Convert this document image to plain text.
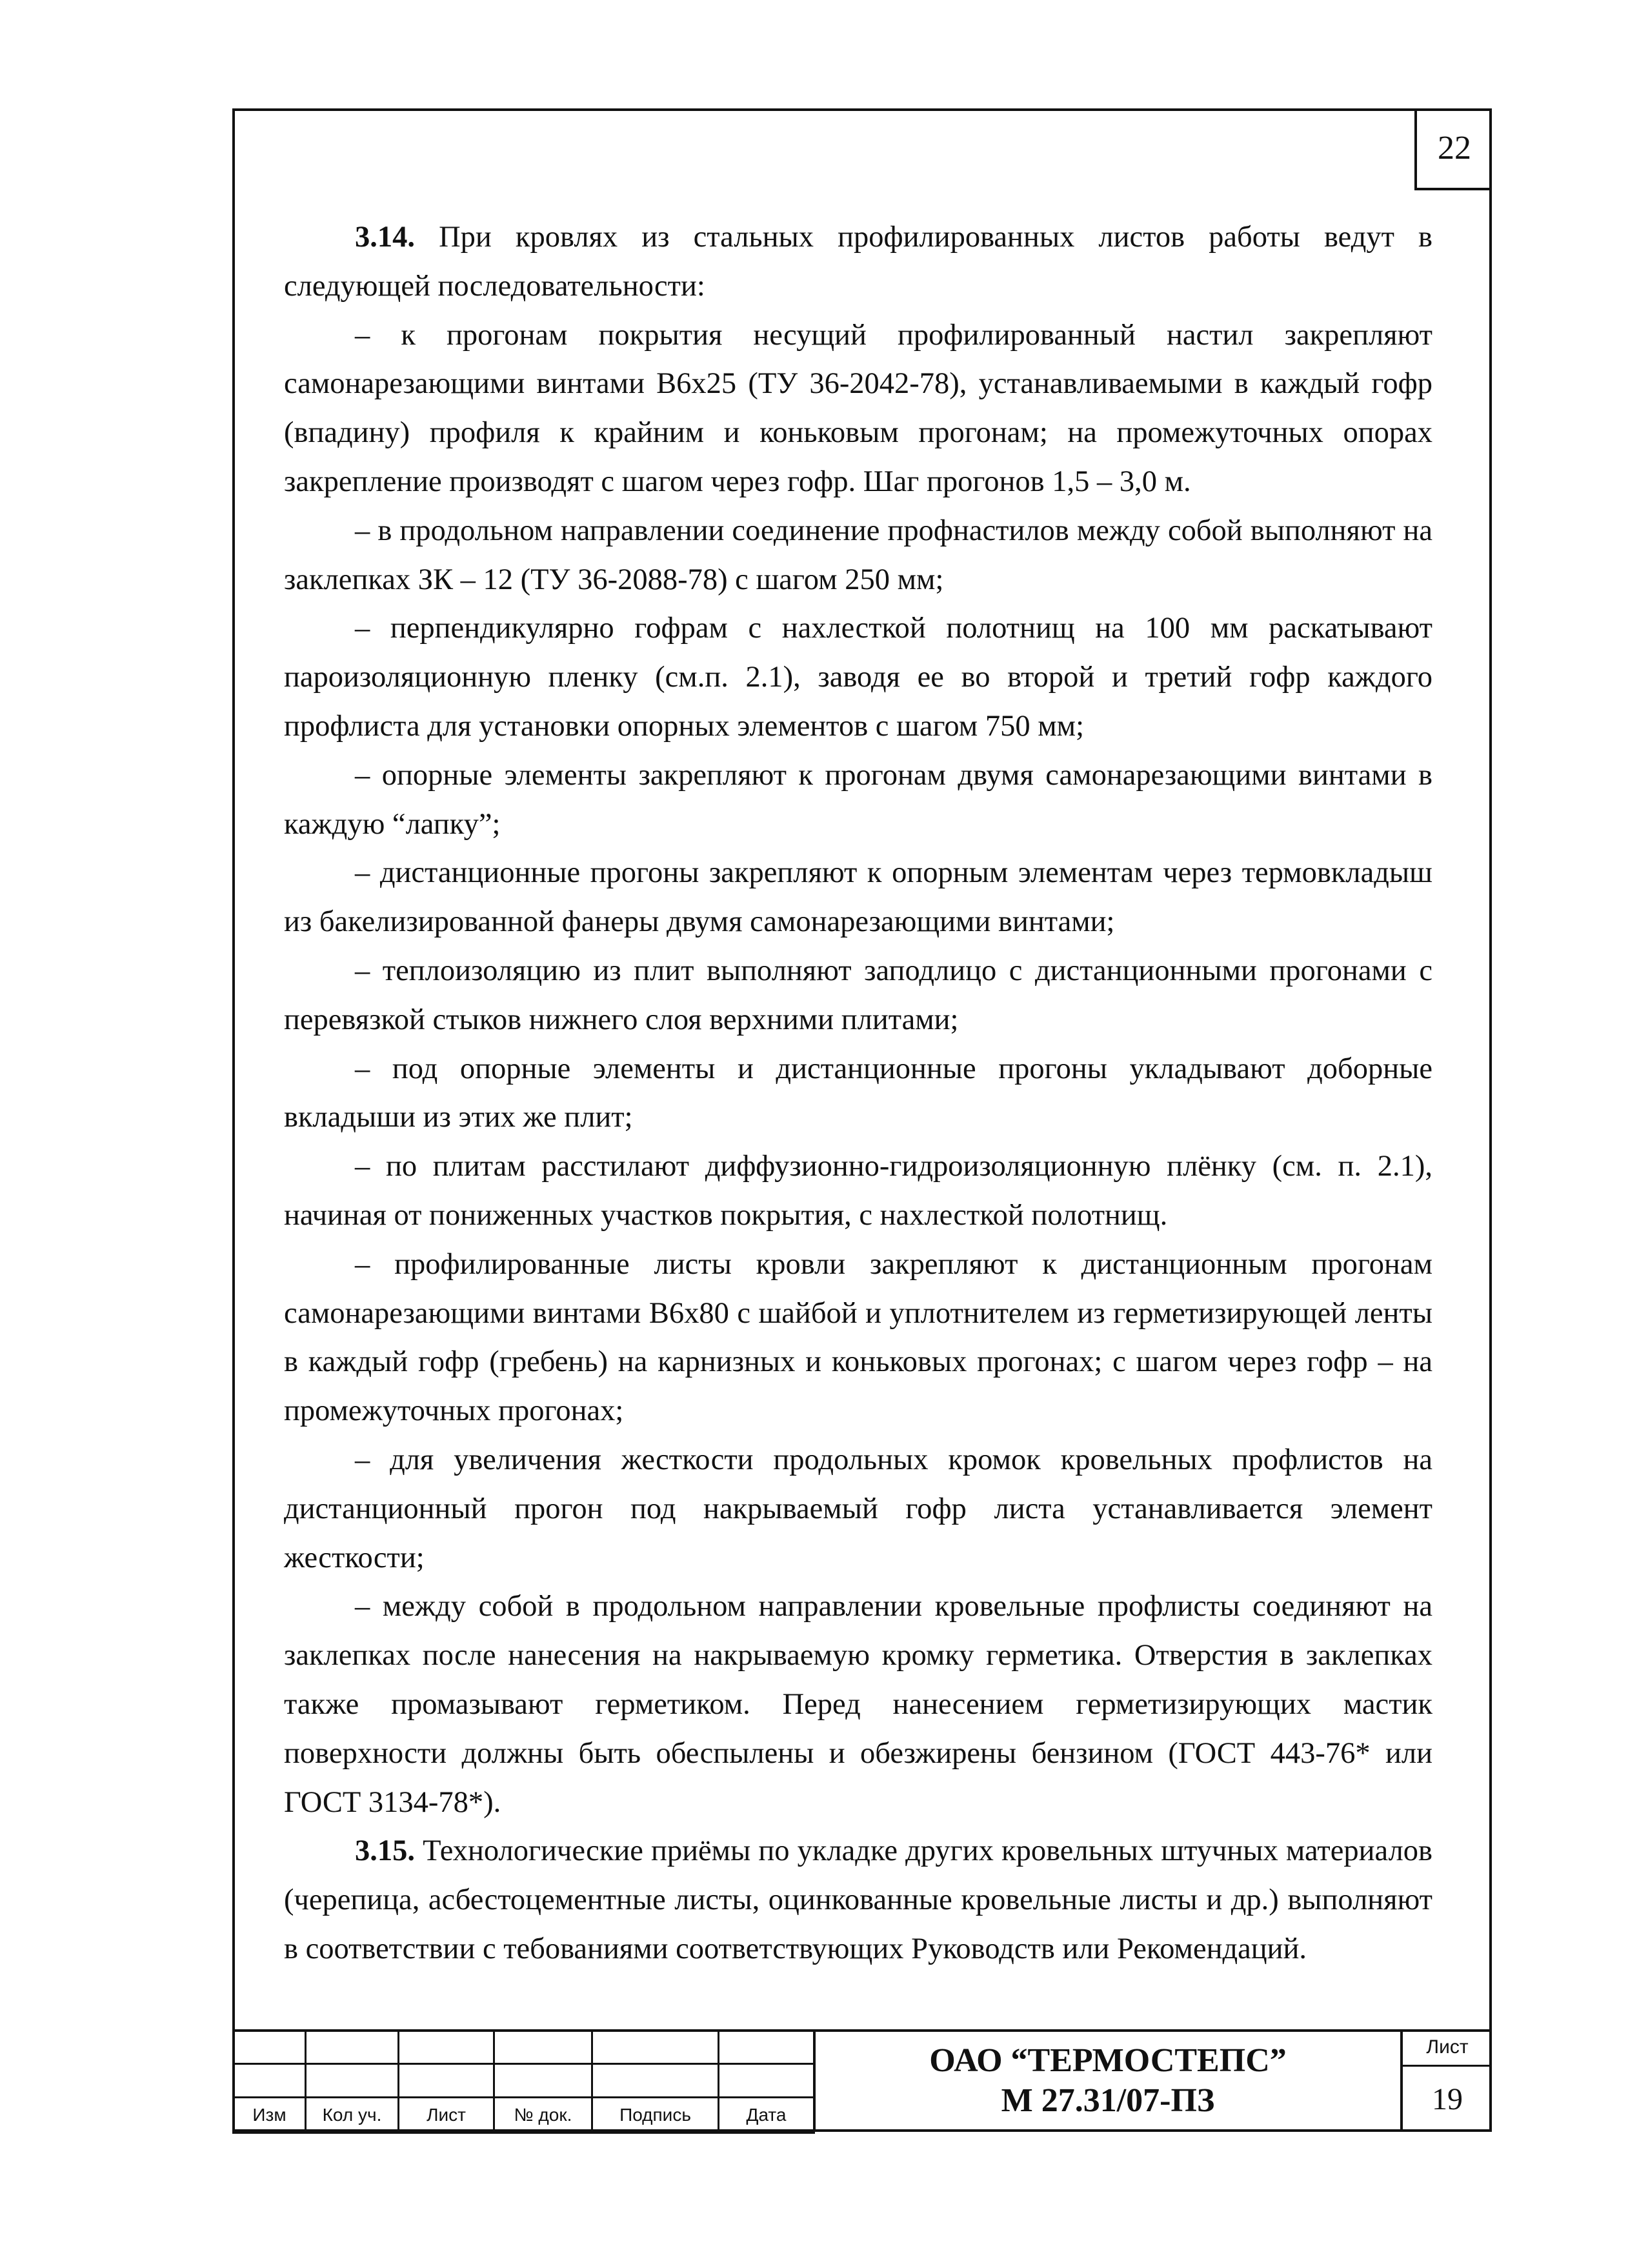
22

3.14. При кровлях из стальных профилированных листов работы ведут в следующей последовательности:

– к прогонам покрытия несущий профилированный настил закрепляют самонарезающими винтами В6х25 (ТУ 36-2042-78), устанавливаемыми в каждый гофр (впадину) профиля к крайним и коньковым прогонам; на промежуточных опорах закрепление производят с шагом через гофр. Шаг прогонов 1,5 – 3,0 м.

– в продольном направлении соединение профнастилов между собой выполняют на заклепках ЗК – 12 (ТУ 36-2088-78) с шагом 250 мм;

– перпендикулярно гофрам с нахлесткой полотнищ на 100 мм раскатывают пароизоляционную пленку (см.п. 2.1), заводя ее во второй и третий гофр каждого профлиста для установки опорных элементов с шагом 750 мм;

– опорные элементы закрепляют к прогонам двумя самонарезающими винтами в каждую “лапку”;

– дистанционные прогоны закрепляют к опорным элементам через термовкладыш из бакелизированной фанеры двумя самонарезающими винтами;

– теплоизоляцию из плит выполняют заподлицо с дистанционными прогонами с перевязкой стыков нижнего слоя верхними плитами;

– под опорные элементы и дистанционные прогоны укладывают доборные вкладыши из этих же плит;

– по плитам расстилают диффузионно-гидроизоляционную плёнку (см. п. 2.1), начиная от пониженных участков покрытия, с нахлесткой полотнищ.

– профилированные листы кровли закрепляют к дистанционным прогонам самонарезающими винтами В6х80 с шайбой и уплотнителем из герметизирующей ленты в каждый гофр (гребень) на карнизных и коньковых прогонах; с шагом через гофр – на промежуточных прогонах;

– для увеличения жесткости продольных кромок кровельных профлистов на дистанционный прогон под накрываемый гофр листа устанавливается элемент жесткости;

– между собой в продольном направлении кровельные профлисты соединяют на заклепках после нанесения на накрываемую кромку герметика. Отверстия в заклепках также промазывают герметиком. Перед нанесением герметизирующих мастик поверхности должны быть обеспылены и обезжирены бензином (ГОСТ 443-76* или ГОСТ 3134-78*).

3.15. Технологические приёмы по укладке других кровельных штучных материалов (черепица, асбестоцементные листы, оцинкованные кровельные листы и др.) выполняют в соответствии с тебованиями соответствующих Руководств или Рекомендаций.

Изм	Кол уч.	Лист	№ док.	Подпись	Дата
ОАО “ТЕРМОСТЕПС”
М 27.31/07-ПЗ
Лист
19
